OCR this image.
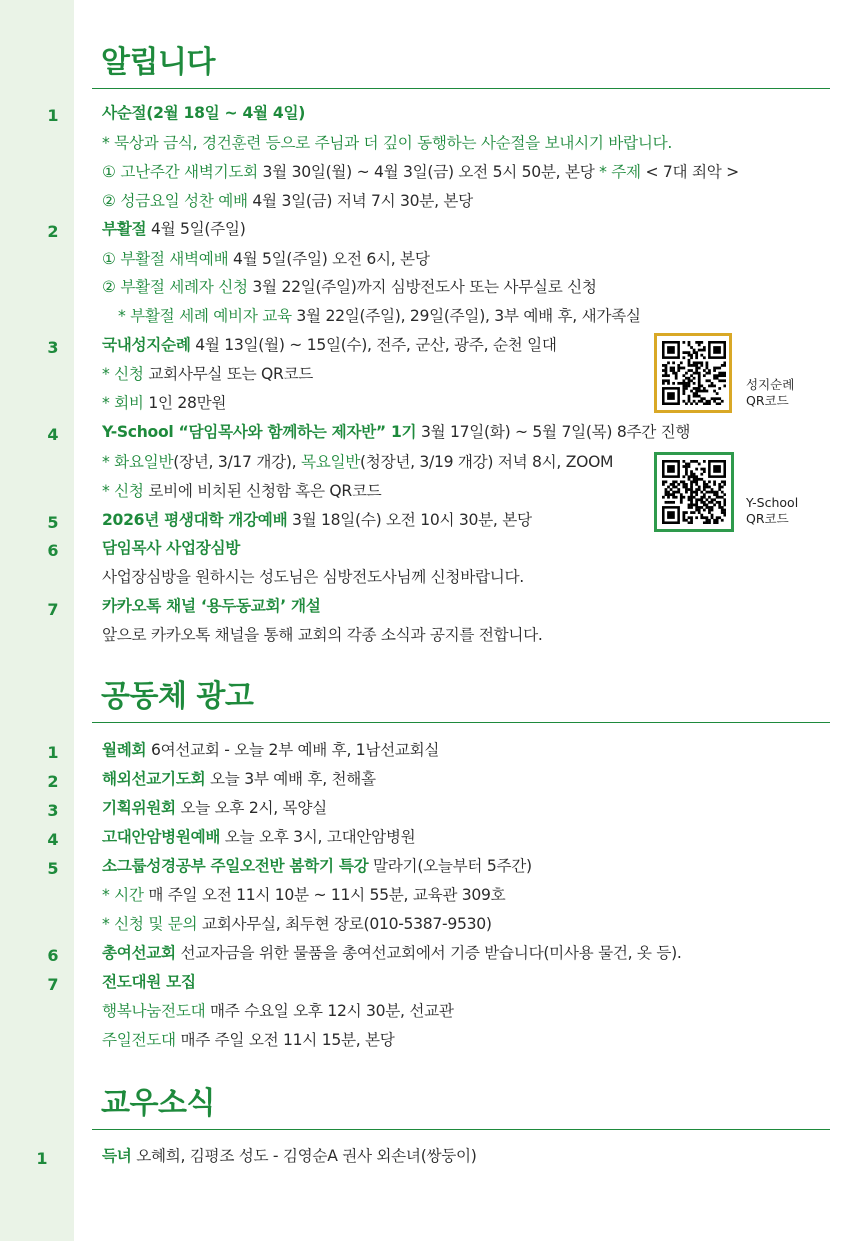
알립니다
1	사순절(2월 18일 ~ 4월 4일)
* 묵상과 금식, 경건훈련 등으로 주님과 더 깊이 동행하는 사순절을 보내시기 바랍니다.
① 고난주간 새벽기도회 3월 30일(월) ~ 4월 3일(금) 오전 5시 50분, 본당 * 주제 < 7대 죄악 >
② 성금요일 성찬 예배 4월 3일(금) 저녁 7시 30분, 본당
2	부활절 4월 5일(주일)
① 부활절 새벽예배 4월 5일(주일) 오전 6시, 본당
② 부활절 세례자 신청 3월 22일(주일)까지 심방전도사 또는 사무실로 신청
* 부활절 세례 예비자 교육 3월 22일(주일), 29일(주일), 3부 예배 후, 새가족실
3	국내성지순례 4월 13일(월) ~ 15일(수), 전주, 군산, 광주, 순천 일대
* 신청 교회사무실 또는 QR코드
* 회비 1인 28만원
성지순례
QR코드
4	Y-School “담임목사와 함께하는 제자반” 1기 3월 17일(화) ~ 5월 7일(목) 8주간 진행
* 화요일반(장년, 3/17 개강), 목요일반(청장년, 3/19 개강) 저녁 8시, ZOOM
* 신청 로비에 비치된 신청함 혹은 QR코드
Y-School
QR코드
5	2026년 평생대학 개강예배 3월 18일(수) 오전 10시 30분, 본당
6	담임목사 사업장심방
사업장심방을 원하시는 성도님은 심방전도사님께 신청바랍니다.
7	카카오톡 채널 ‘용두동교회’ 개설
앞으로 카카오톡 채널을 통해 교회의 각종 소식과 공지를 전합니다.
공동체 광고
1	월례회 6여선교회 - 오늘 2부 예배 후, 1남선교회실
2	해외선교기도회 오늘 3부 예배 후, 천해홀
3	기획위원회 오늘 오후 2시, 목양실
4	고대안암병원예배 오늘 오후 3시, 고대안암병원
5	소그룹성경공부 주일오전반 봄학기 특강 말라기(오늘부터 5주간)
* 시간 매 주일 오전 11시 10분 ~ 11시 55분, 교육관 309호
* 신청 및 문의 교회사무실, 최두현 장로(010-5387-9530)
6	총여선교회 선교자금을 위한 물품을 총여선교회에서 기증 받습니다(미사용 물건, 옷 등).
7	전도대원 모집
행복나눔전도대 매주 수요일 오후 12시 30분, 선교관
주일전도대 매주 주일 오전 11시 15분, 본당
교우소식
1	득녀 오혜희, 김평조 성도 - 김영순A 권사 외손녀(쌍둥이)
